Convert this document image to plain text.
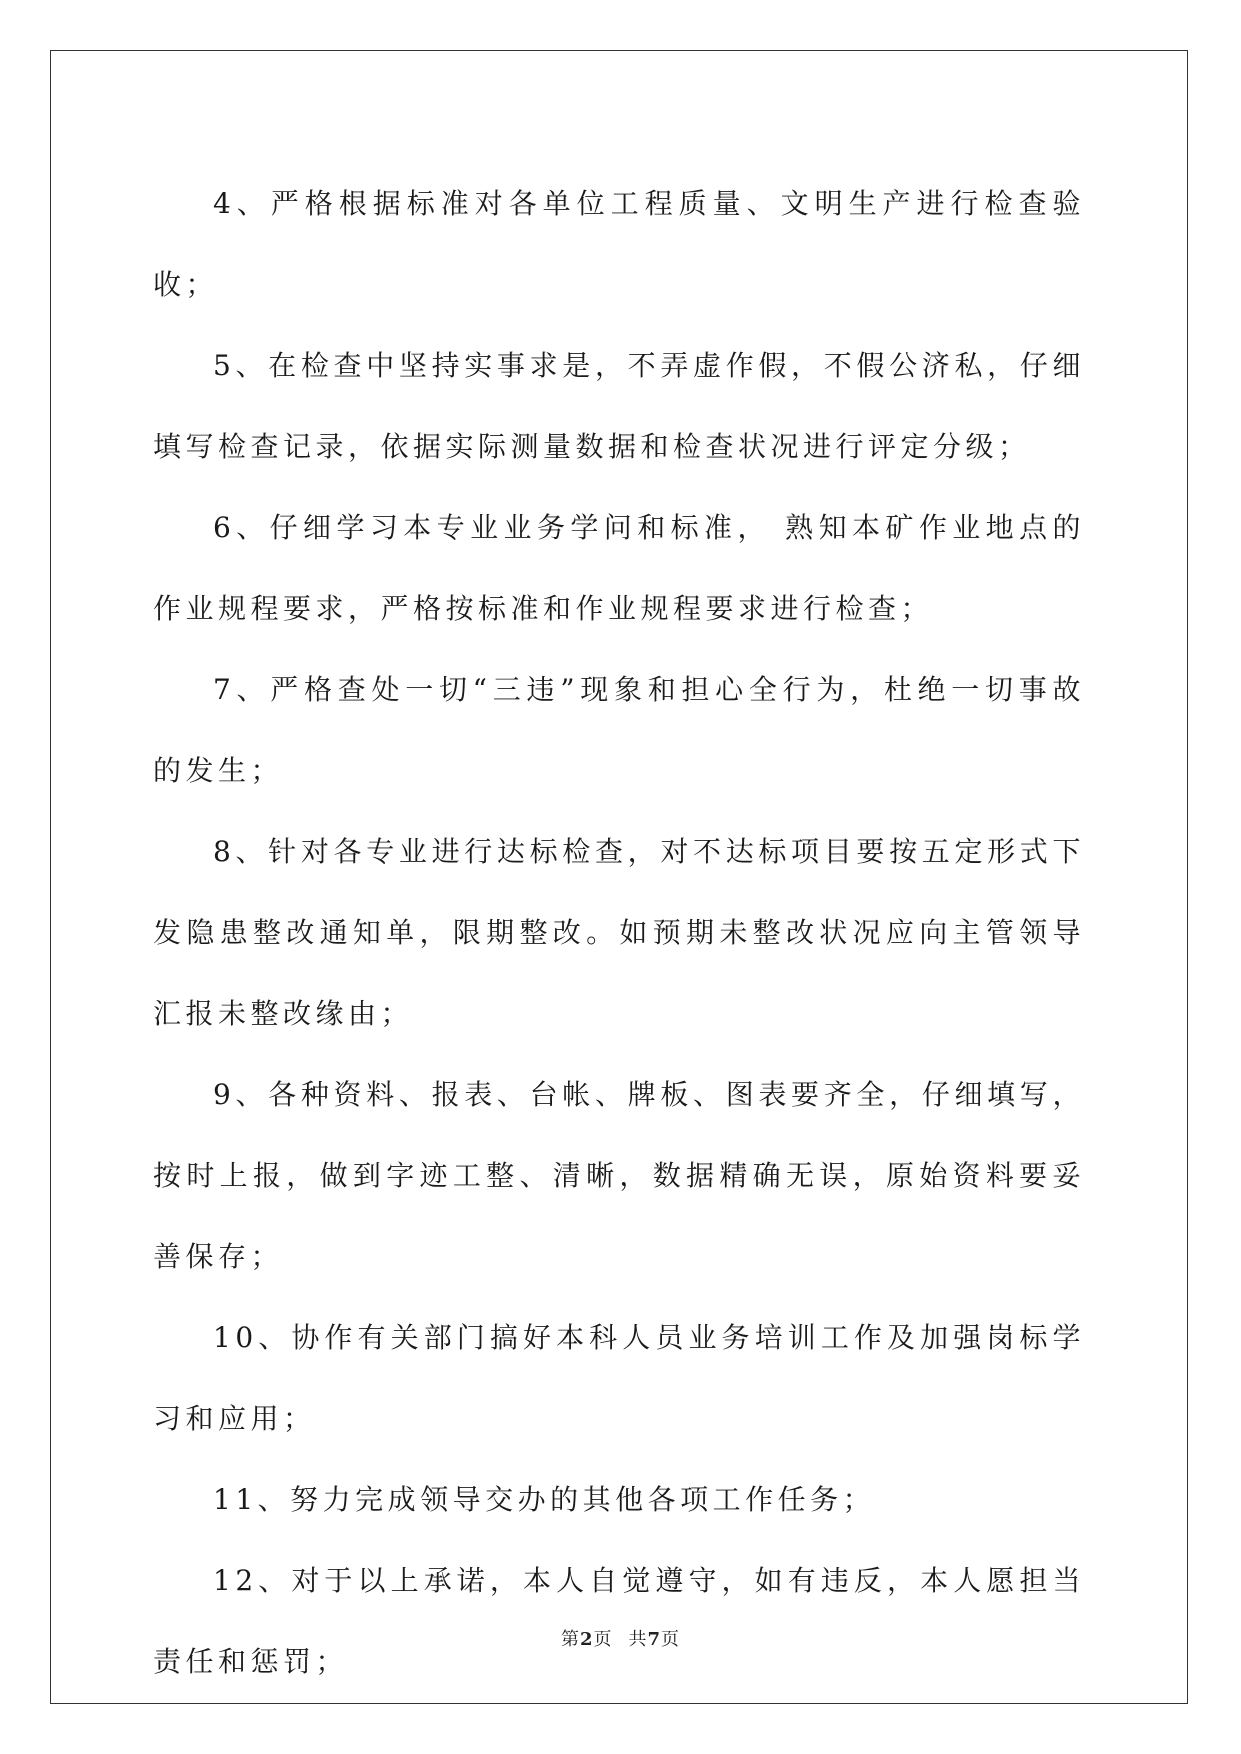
4、严格根据标准对各单位工程质量、文明生产进行检查验收；

5、在检查中坚持实事求是，不弄虚作假，不假公济私，仔细填写检查记录，依据实际测量数据和检查状况进行评定分级；

6、仔细学习本专业业务学问和标准， 熟知本矿作业地点的作业规程要求，严格按标准和作业规程要求进行检查；

7、严格查处一切“三违”现象和担心全行为，杜绝一切事故的发生；

8、针对各专业进行达标检查，对不达标项目要按五定形式下发隐患整改通知单，限期整改。如预期未整改状况应向主管领导汇报未整改缘由；

9、各种资料、报表、台帐、牌板、图表要齐全，仔细填写，按时上报，做到字迹工整、清晰，数据精确无误，原始资料要妥 善保存；

10、协作有关部门搞好本科人员业务培训工作及加强岗标学习和应用；

11、努力完成领导交办的其他各项工作任务；

12、对于以上承诺，本人自觉遵守，如有违反，本人愿担当责任和惩罚；

第2页 共7页
